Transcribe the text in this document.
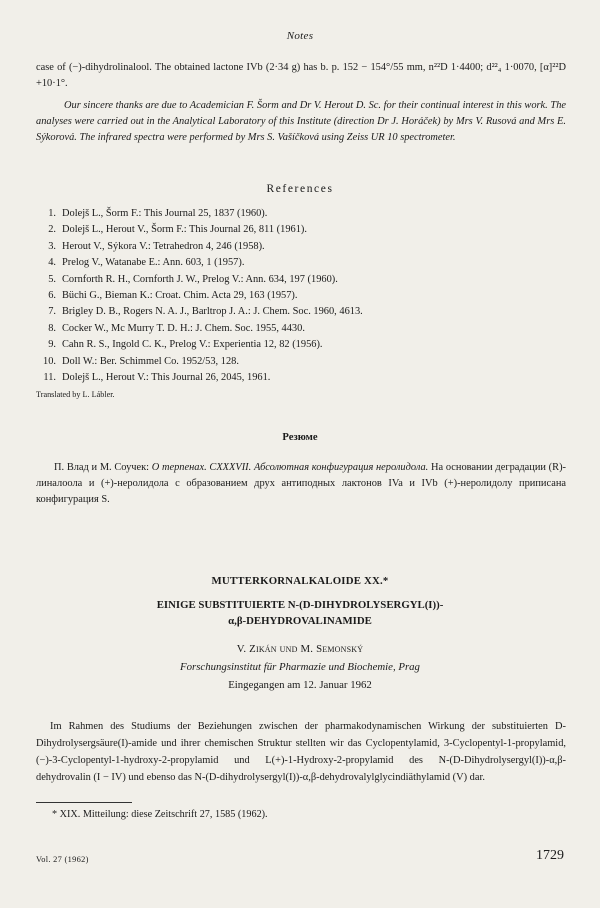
Notes

case of (−)-dihydrolinalool. The obtained lactone IVb (2·34 g) has b. p. 152 − 154°/55 mm, n²²D 1·4400; d²²₄ 1·0070, [α]²²D +10·1°.

Our sincere thanks are due to Academician F. Šorm and Dr V. Herout D. Sc. for their continual interest in this work. The analyses were carried out in the Analytical Laboratory of this Institute (direction Dr J. Horáček) by Mrs V. Rusová and Mrs E. Sýkorová. The infrared spectra were performed by Mrs S. Vašíčková using Zeiss UR 10 spectrometer.

References
1. Dolejš L., Šorm F.: This Journal 25, 1837 (1960).
2. Dolejš L., Herout V., Šorm F.: This Journal 26, 811 (1961).
3. Herout V., Sýkora V.: Tetrahedron 4, 246 (1958).
4. Prelog V., Watanabe E.: Ann. 603, 1 (1957).
5. Cornforth R. H., Cornforth J. W., Prelog V.: Ann. 634, 197 (1960).
6. Büchi G., Bieman K.: Croat. Chim. Acta 29, 163 (1957).
7. Brigley D. B., Rogers N. A. J., Barltrop J. A.: J. Chem. Soc. 1960, 4613.
8. Cocker W., Mc Murry T. D. H.: J. Chem. Soc. 1955, 4430.
9. Cahn R. S., Ingold C. K., Prelog V.: Experientia 12, 82 (1956).
10. Doll W.: Ber. Schimmel Co. 1952/53, 128.
11. Dolejš L., Herout V.: This Journal 26, 2045, 1961.
Translated by L. Lábler.
Резюме

П. Влад и М. Соучек: О терпенах. CXXXVII. Абсолютная конфигурация неролидола. На основании деградации (R)-линалоола и (+)-неролидола с образованием друх антиподных лактонов IVa и IVb (+)-неролидолу приписана конфигурация S.

MUTTERKORNALKALOIDE XX.*
EINIGE SUBSTITUIERTE N-(D-DIHYDROLYSERGYL(I))-
α,β-DEHYDROVALINAMIDE
V. Zikán und M. Semonský
Forschungsinstitut für Pharmazie und Biochemie, Prag
Eingegangen am 12. Januar 1962

Im Rahmen des Studiums der Beziehungen zwischen der pharmakodynamischen Wirkung der substituierten D-Dihydrolysergsäure(I)-amide und ihrer chemischen Struktur stellten wir das Cyclopentylamid, 3-Cyclopentyl-1-propylamid, (−)-3-Cyclopentyl-1-hydroxy-2-propylamid und L(+)-1-Hydroxy-2-propylamid des N-(D-Dihydrolysergyl(I))-α,β-dehydrovalin (I − IV) und ebenso das N-(D-dihydrolysergyl(I))-α,β-dehydrovalylglycindiäthylamid (V) dar.

* XIX. Mitteilung: diese Zeitschrift 27, 1585 (1962).
Vol. 27 (1962)	1729
